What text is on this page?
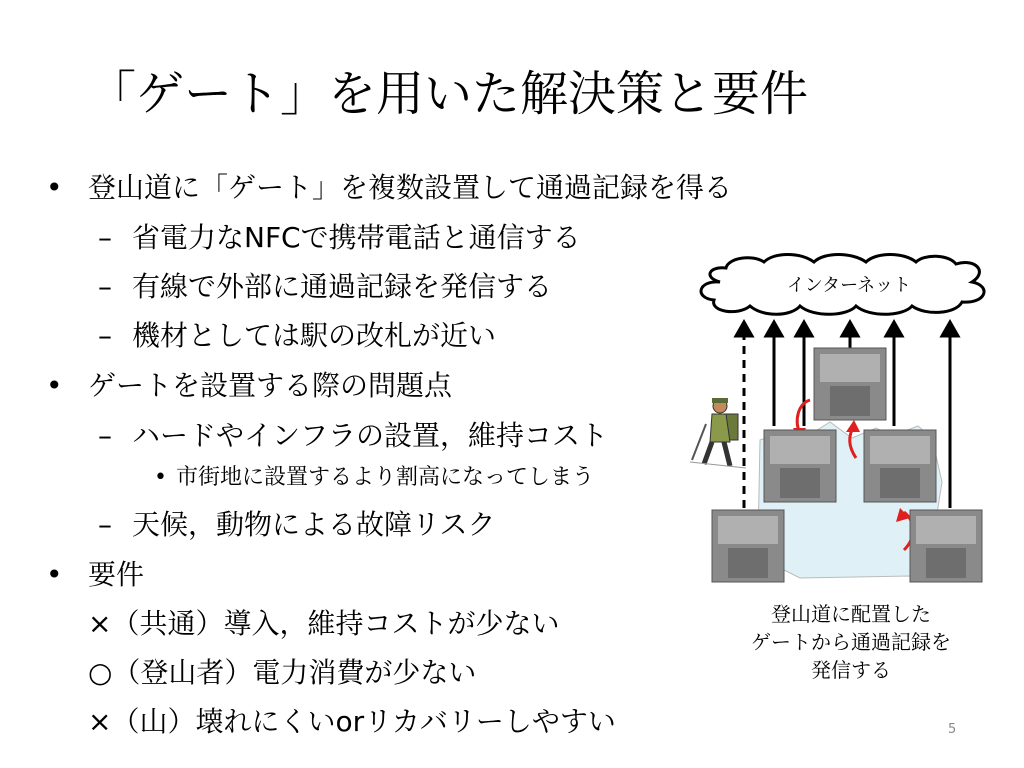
「ゲート」を用いた解決策と要件
• 登山道に「ゲート」を複数設置して通過記録を得る
– 省電力なNFCで携帯電話と通信する
– 有線で外部に通過記録を発信する
– 機材としては駅の改札が近い
• ゲートを設置する際の問題点
– ハードやインフラの設置，維持コスト
• 市街地に設置するより割高になってしまう
– 天候，動物による故障リスク
• 要件
×（共通）導入，維持コストが少ない
○（登山者）電力消費が少ない
×（山）壊れにくいorリカバリーしやすい
インターネット
登山道に配置した
ゲートから通過記録を
発信する
5
